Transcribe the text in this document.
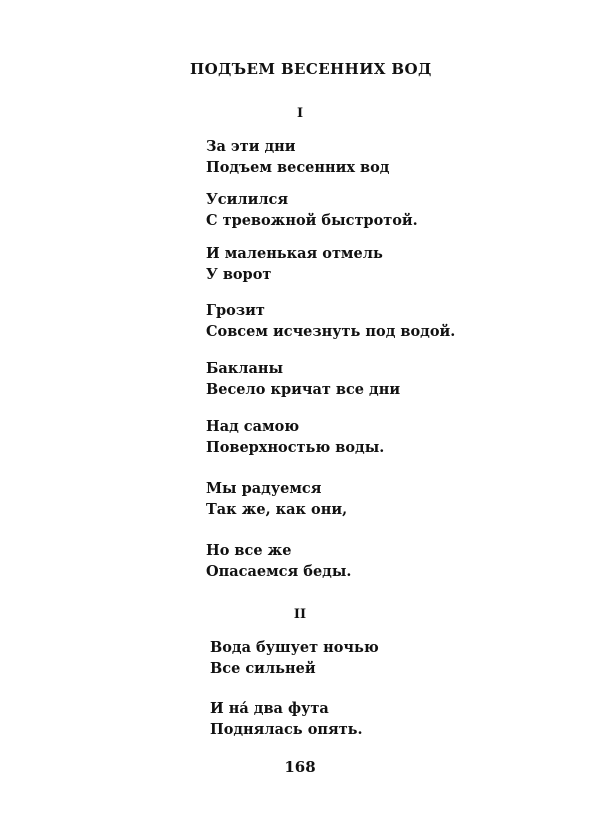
ПОДЪЕМ ВЕСЕННИХ ВОД
I
За эти дни
Подъем весенних вод
Усилился
С тревожной быстротой.
И маленькая отмель
У ворот
Грозит
Совсем исчезнуть под водой.
Бакланы
Весело кричат все дни
Над самою
Поверхностью воды.
Мы радуемся
Так же, как они,
Но все же
Опасаемся беды.
II
Вода бушует ночью
Все сильней
И на́ два фута
Поднялась опять.
168
